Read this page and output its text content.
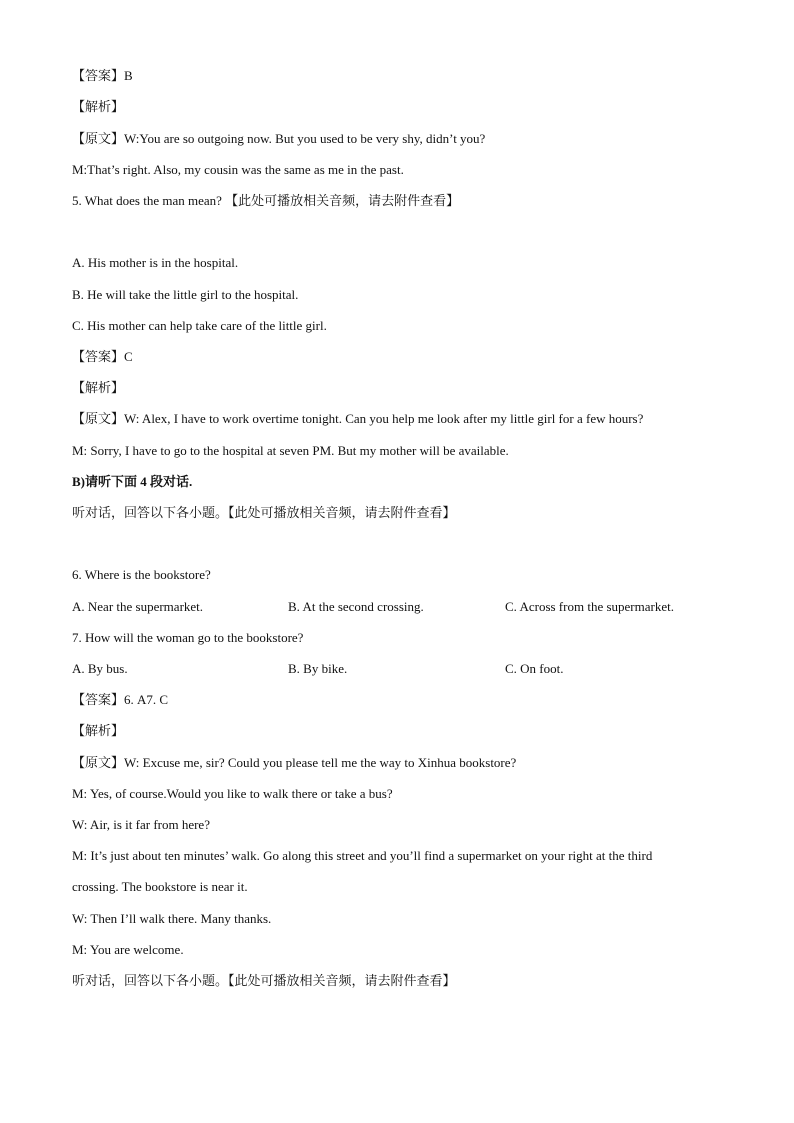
【答案】B
【解析】
【原文】W:You are so outgoing now. But you used to be very shy, didn’t you?
M:That’s right. Also, my cousin was the same as me in the past.
5. What does the man mean? 【此处可播放相关音频，请去附件查看】
A. His mother is in the hospital.
B. He will take the little girl to the hospital.
C. His mother can help take care of the little girl.
【答案】C
【解析】
【原文】W: Alex, I have to work overtime tonight. Can you help me look after my little girl for a few hours?
M: Sorry, I have to go to the hospital at seven PM. But my mother will be available.
B)请听下面 4 段对话.
听对话，回答以下各小题。【此处可播放相关音频，请去附件查看】
6. Where is the bookstore?
A. Near the supermarket.	B. At the second crossing.	C. Across from the supermarket.
7. How will the woman go to the bookstore?
A. By bus.	B. By bike.	C. On foot.
【答案】6. A7. C
【解析】
【原文】W: Excuse me, sir? Could you please tell me the way to Xinhua bookstore?
M: Yes, of course.Would you like to walk there or take a bus?
W: Air, is it far from here?
M: It’s just about ten minutes’ walk. Go along this street and you’ll find a supermarket on your right at the third
crossing. The bookstore is near it.
W: Then I’ll walk there. Many thanks.
M: You are welcome.
听对话，回答以下各小题。【此处可播放相关音频，请去附件查看】
